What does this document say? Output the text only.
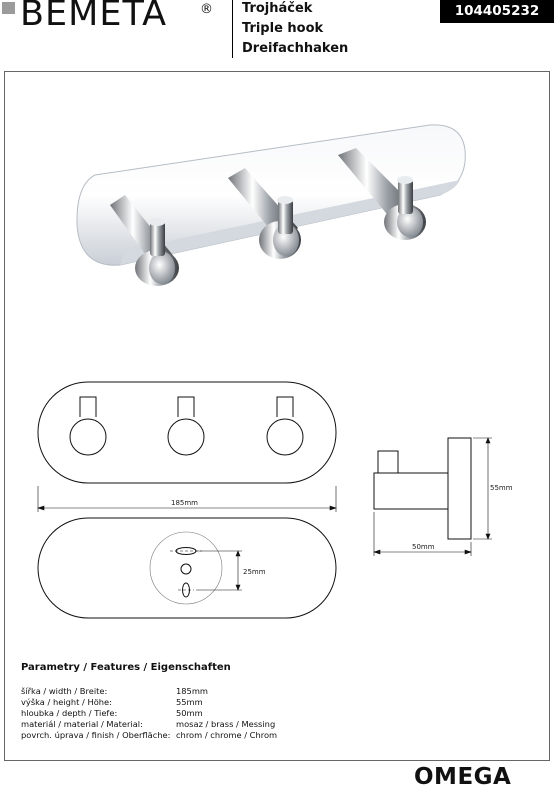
BEMETA	® Trojháček
Triple hook
Dreifachhaken
104405232
185mm
25mm
55mm
50mm
Parametry / Features / Eigenschaften
šířka / width / Breite:	185mm
výška / height / Höhe:	55mm
hloubka / depth / Tiefe:	50mm
materiál / material / Material:	mosaz / brass / Messing
povrch. úprava / finish / Oberfläche: chrom / chrome / Chrom
OMEGA
